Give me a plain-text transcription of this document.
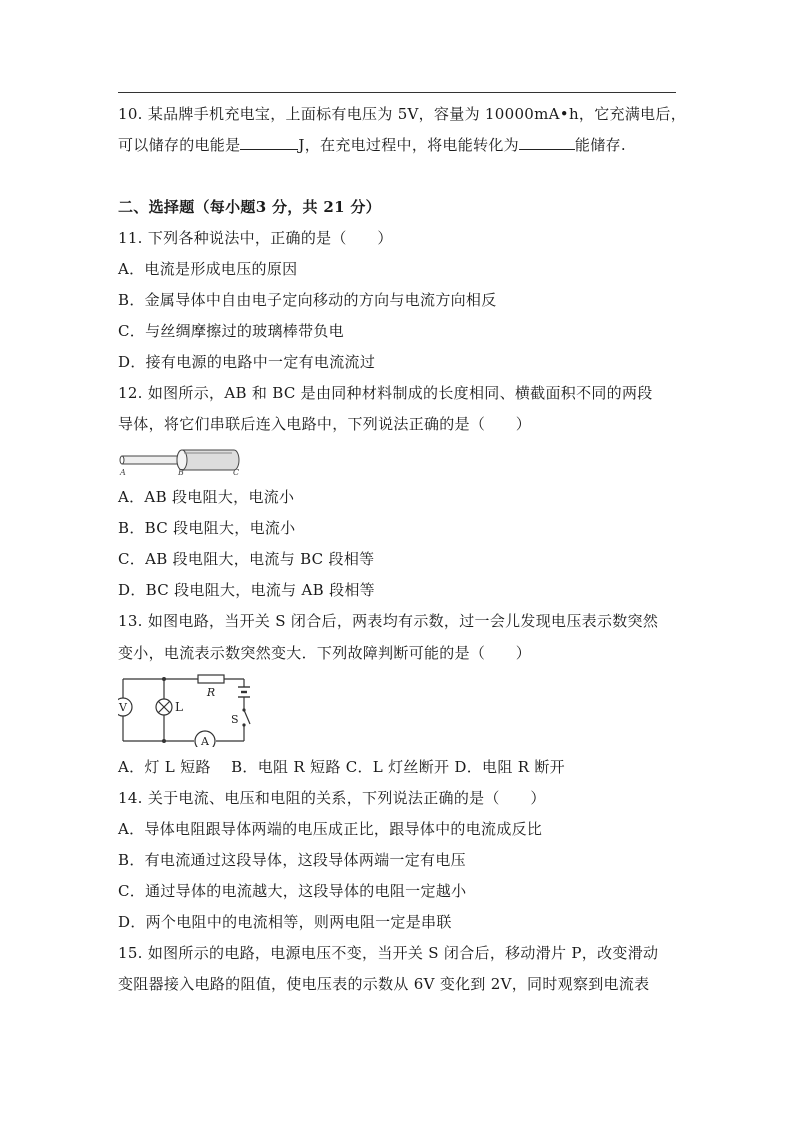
10. 某品牌手机充电宝，上面标有电压为 5V，容量为 10000mA•h，它充满电后，
可以储存的电能是	J，在充电过程中，将电能转化为	能储存.
二、选择题（每小题3 分，共 21 分）
11. 下列各种说法中，正确的是（　　）
A．电流是形成电压的原因
B．金属导体中自由电子定向移动的方向与电流方向相反
C．与丝绸摩擦过的玻璃棒带负电
D．接有电源的电路中一定有电流流过
12. 如图所示，AB 和 BC 是由同种材料制成的长度相同、横截面积不同的两段
导体，将它们串联后连入电路中，下列说法正确的是（　　）
A	B	C
A．AB 段电阻大，电流小
B．BC 段电阻大，电流小
C．AB 段电阻大，电流与 BC 段相等
D．BC 段电阻大，电流与 AB 段相等
13. 如图电路，当开关 S 闭合后，两表均有示数，过一会儿发现电压表示数突然
变小，电流表示数突然变大．下列故障判断可能的是（　　）
V	L
R
S
A
A．灯 L 短路　 B．电阻 R 短路 C．L 灯丝断开 D．电阻 R 断开
14. 关于电流、电压和电阻的关系，下列说法正确的是（　　）
A．导体电阻跟导体两端的电压成正比，跟导体中的电流成反比
B．有电流通过这段导体，这段导体两端一定有电压
C．通过导体的电流越大，这段导体的电阻一定越小
D．两个电阻中的电流相等，则两电阻一定是串联
15. 如图所示的电路，电源电压不变，当开关 S 闭合后，移动滑片 P，改变滑动
变阻器接入电路的阻值，使电压表的示数从 6V 变化到 2V，同时观察到电流表
